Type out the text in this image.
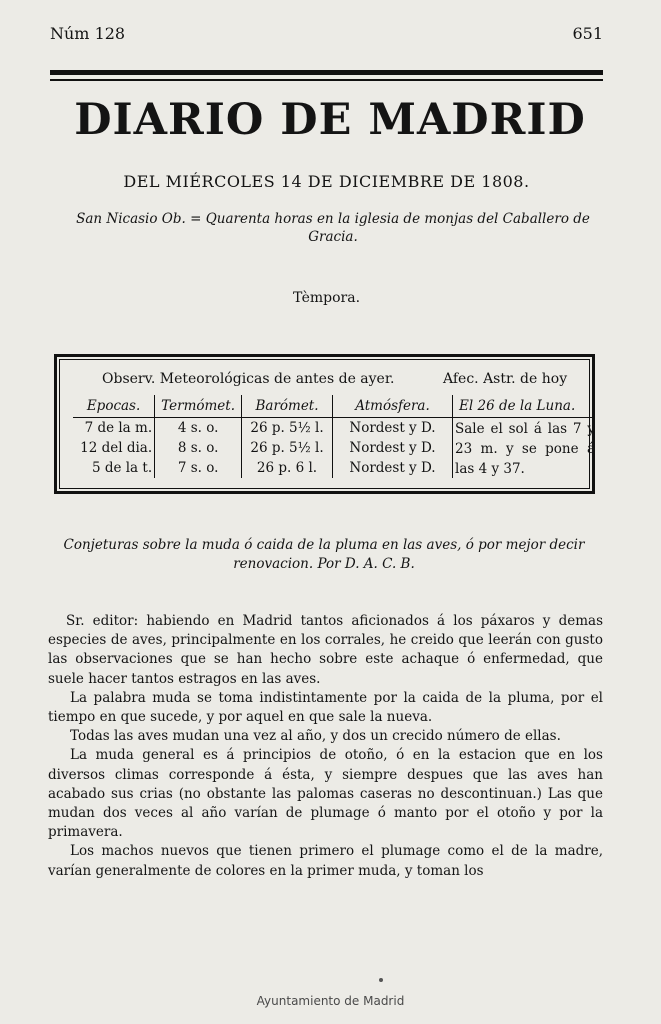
Núm 128	651
DIARIO DE MADRID
DEL MIÉRCOLES 14 DE DICIEMBRE DE 1808.
San Nicasio Ob. = Quarenta horas en la iglesia de monjas del Caballero de Gracia.
Tèmpora.
Observ. Meteorológicas de antes de ayer.	Afec. Astr. de hoy
Epocas.	Termómet.	Barómet.	Atmósfera.	El 26 de la Luna.
7 de la m.	4 s. o.	26 p. 5½ l.	Nordest y D.	
12 del dia.	8 s. o.	26 p. 5½ l.	Nordest y D.	
5 de la t.	7 s. o.	26 p. 6 l.	Nordest y D.	
Sale el sol á las 7 y 23 m. y se pone á las 4 y 37.
Conjeturas sobre la muda ó caida de la pluma en las aves, ó por mejor decir renovacion. Por D. A. C. B.

Sr. editor: habiendo en Madrid tantos aficionados á los páxaros y demas especies de aves, principalmente en los corrales, he creido que leerán con gusto las observaciones que se han hecho sobre este achaque ó enfermedad, que suele hacer tantos estragos en las aves.

La palabra muda se toma indistintamente por la caida de la pluma, por el tiempo en que sucede, y por aquel en que sale la nueva.

Todas las aves mudan una vez al año, y dos un crecido número de ellas.

La muda general es á principios de otoño, ó en la estacion que en los diversos climas corresponde á ésta, y siempre despues que las aves han acabado sus crias (no obstante las palomas caseras no descontinuan.) Las que mudan dos veces al año varían de plumage ó manto por el otoño y por la primavera.

Los machos nuevos que tienen primero el plumage como el de la madre, varían generalmente de colores en la primer muda, y toman los

Ayuntamiento de Madrid
